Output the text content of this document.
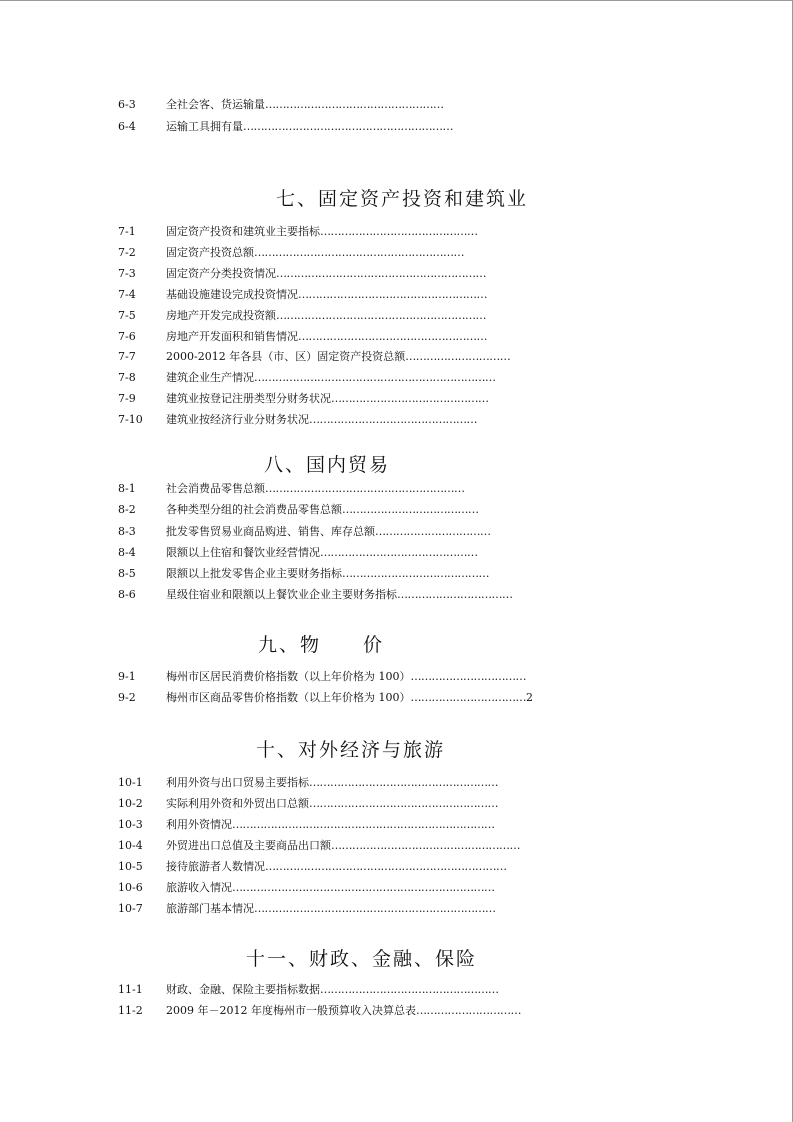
6-3	全社会客、货运输量……………………………………………
6-4	运输工具拥有量……………………………………………………
七、固定资产投资和建筑业
7-1	固定资产投资和建筑业主要指标………………………………………
7-2	固定资产投资总额……………………………………………………
7-3	固定资产分类投资情况……………………………………………………
7-4	基础设施建设完成投资情况………………………………………………
7-5	房地产开发完成投资额……………………………………………………
7-6	房地产开发面积和销售情况………………………………………………
7-7	2000-2012 年各县（市、区）固定资产投资总额…………………………
7-8	建筑企业生产情况……………………………………………………………
7-9	建筑业按登记注册类型分财务状况………………………………………
7-10	建筑业按经济行业分财务状况…………………………………………
八、国内贸易
8-1	社会消费品零售总额…………………………………………………
8-2	各种类型分组的社会消费品零售总额…………………………………
8-3	批发零售贸易业商品购进、销售、库存总额……………………………
8-4	限额以上住宿和餐饮业经营情况………………………………………
8-5	限额以上批发零售企业主要财务指标……………………………………
8-6	星级住宿业和限额以上餐饮业企业主要财务指标……………………………
九、物　　价
9-1	梅州市区居民消费价格指数（以上年价格为 100）……………………………
9-2	梅州市区商品零售价格指数（以上年价格为 100）……………………………2
十、对外经济与旅游
10-1	利用外资与出口贸易主要指标………………………………………………
10-2	实际利用外资和外贸出口总额………………………………………………
10-3	利用外资情况…………………………………………………………………
10-4	外贸进出口总值及主要商品出口额………………………………………………
10-5	接待旅游者人数情况……………………………………………………………
10-6	旅游收入情况…………………………………………………………………
10-7	旅游部门基本情况……………………………………………………………
十一、财政、金融、保险
11-1	财政、金融、保险主要指标数据……………………………………………
11-2	2009 年－2012 年度梅州市一般预算收入决算总表…………………………
